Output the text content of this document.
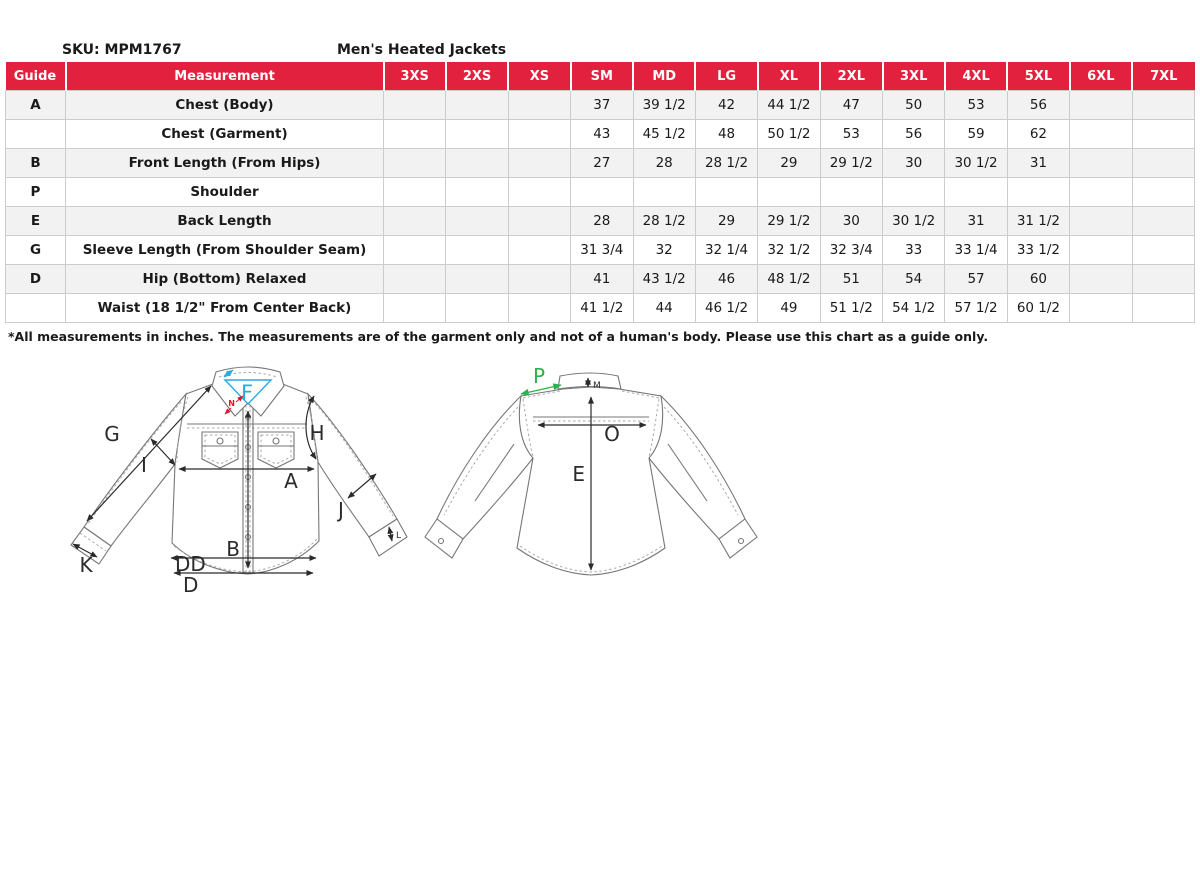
SKU: MPM1767	Men's Heated Jackets
Guide	Measurement	3XS	2XS	XS	SM	MD	LG	XL	2XL	3XL	4XL	5XL	6XL	7XL
A	Chest (Body)				37	39 1/2	42	44 1/2	47	50	53	56		
	Chest (Garment)				43	45 1/2	48	50 1/2	53	56	59	62		
B	Front Length (From Hips)				27	28	28 1/2	29	29 1/2	30	30 1/2	31		
P	Shoulder													
E	Back Length				28	28 1/2	29	29 1/2	30	30 1/2	31	31 1/2		
G	Sleeve Length (From Shoulder Seam)				31 3/4	32	32 1/4	32 1/2	32 3/4	33	33 1/4	33 1/2		
D	Hip (Bottom) Relaxed				41	43 1/2	46	48 1/2	51	54	57	60		
	Waist (18 1/2" From Center Back)				41 1/2	44	46 1/2	49	51 1/2	54 1/2	57 1/2	60 1/2		
*All measurements in inches. The measurements are of the garment only and not of a human's body. Please use this chart as a guide only.
F
N
G
I
H
A
J
B
K	DD
D
L
P	M
O
E
